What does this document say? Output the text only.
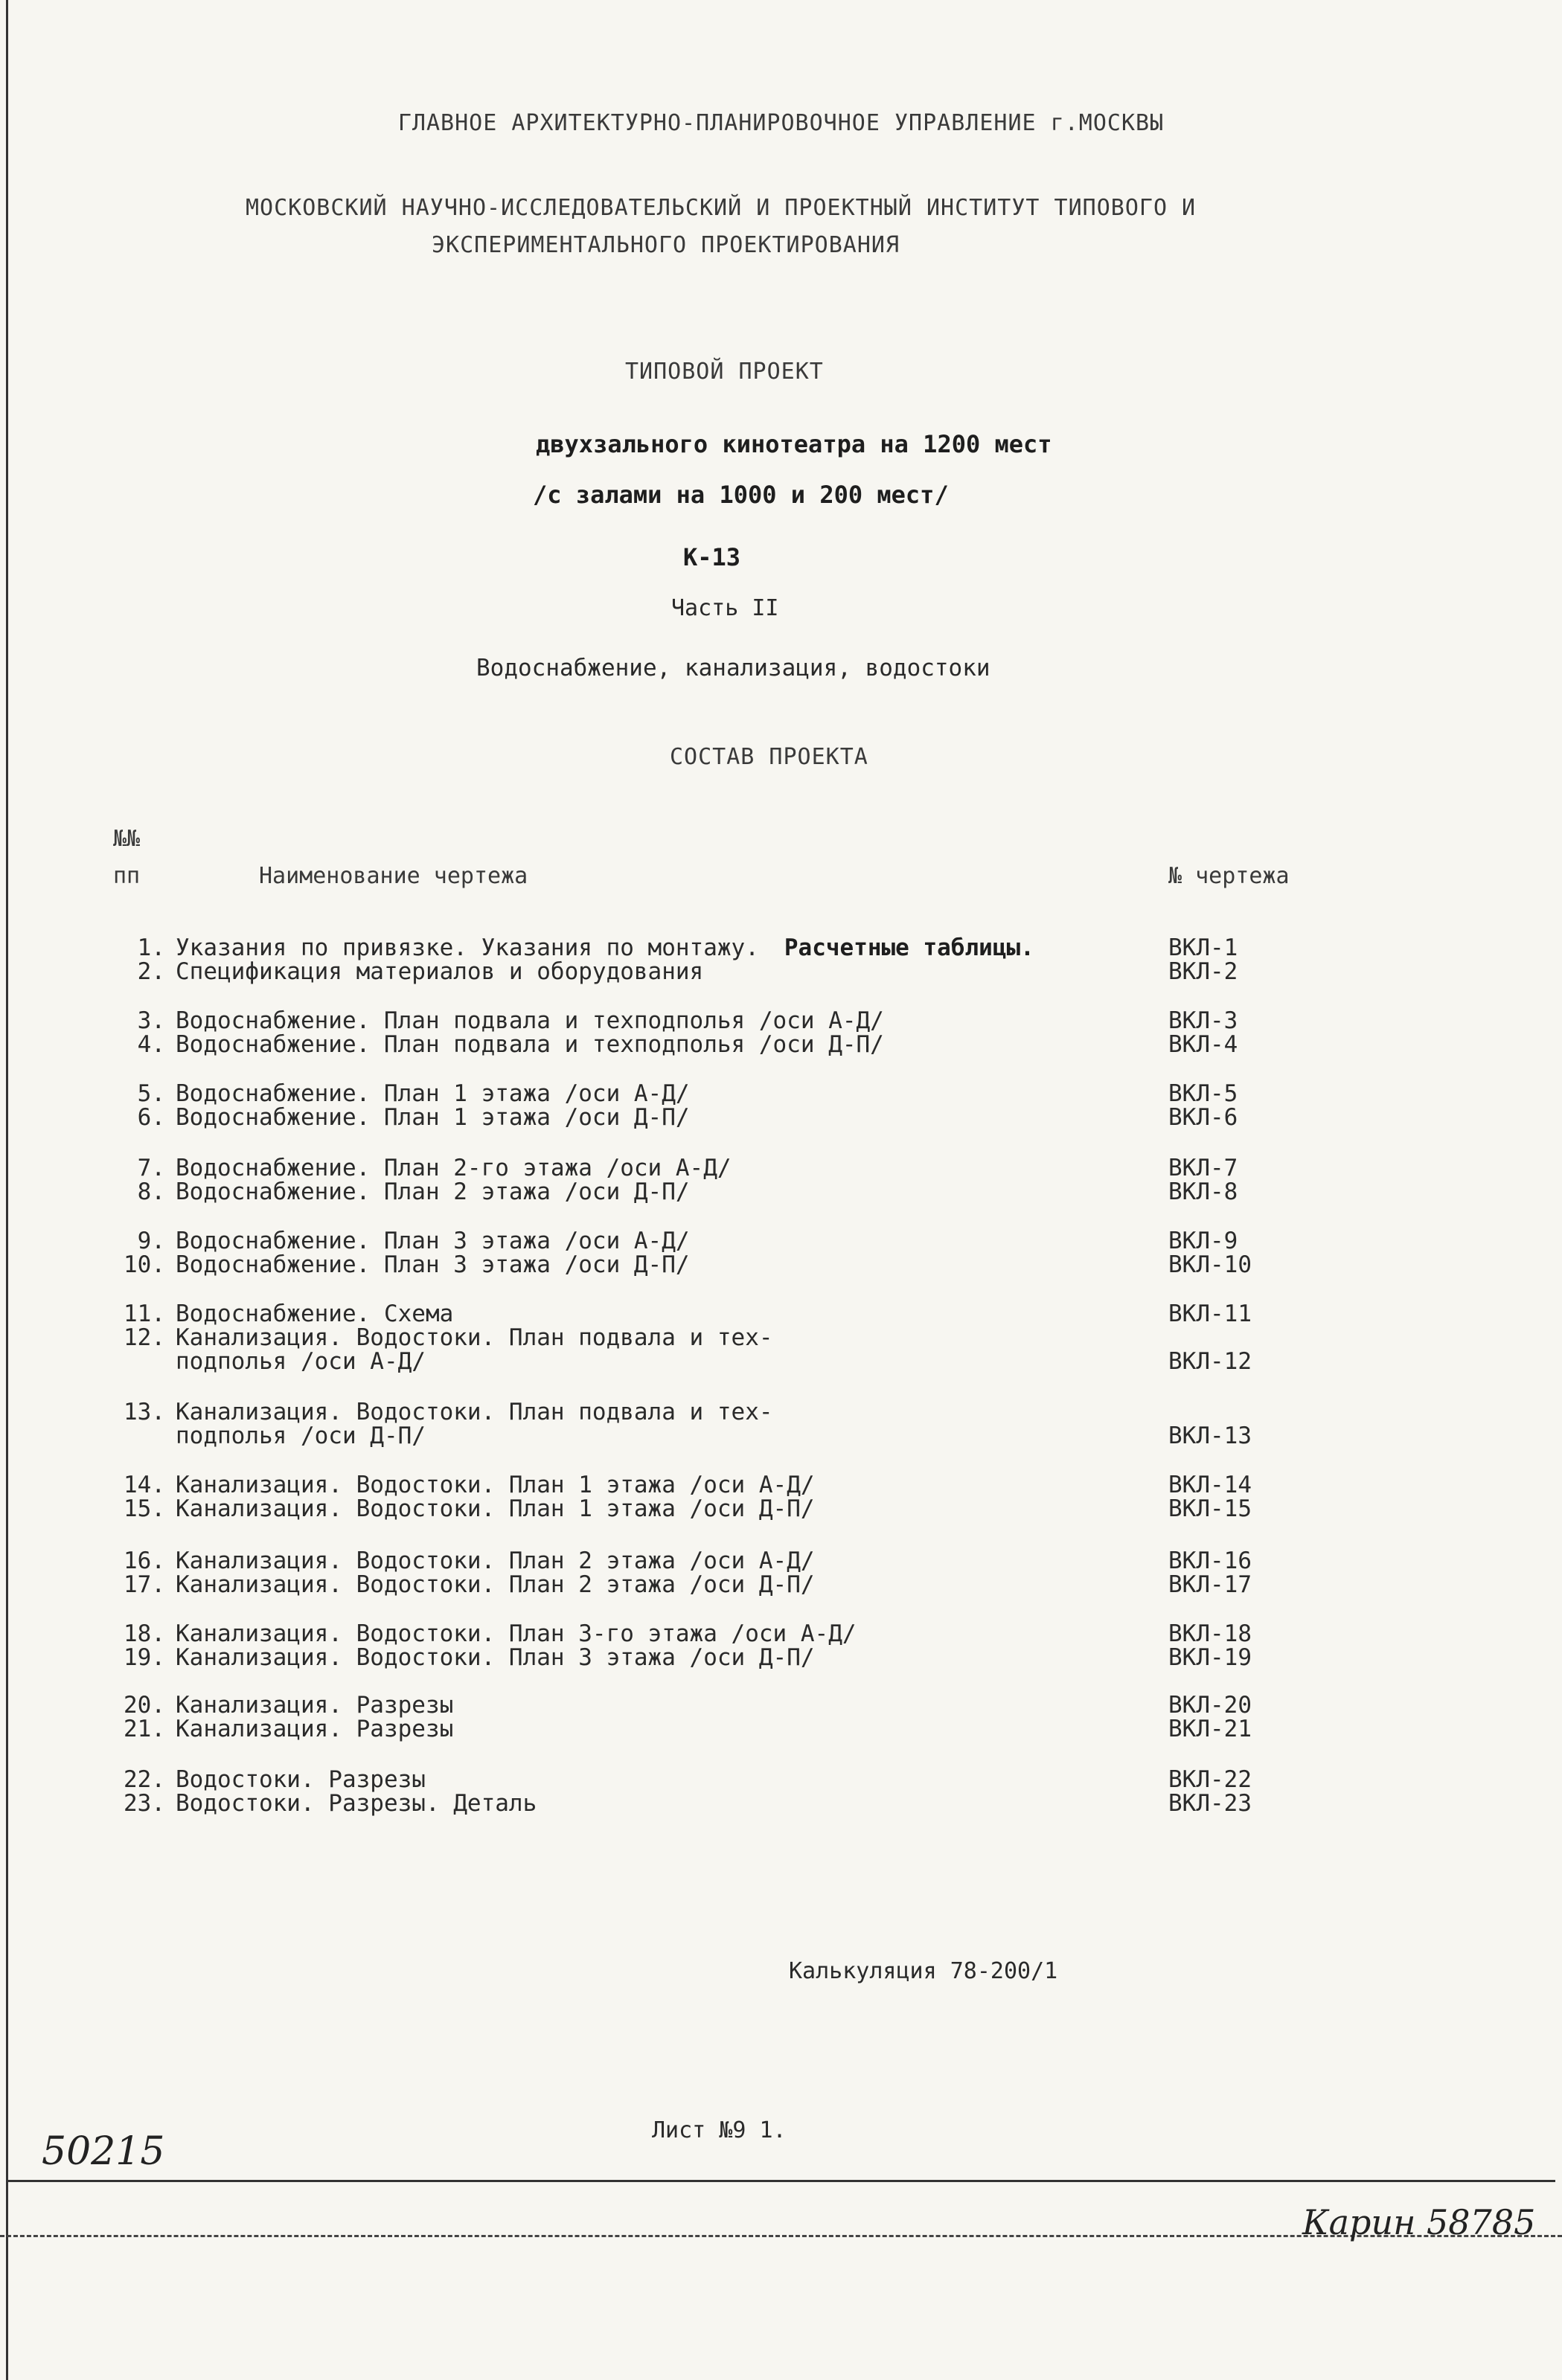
ГЛАВНОЕ АРХИТЕКТУРНО-ПЛАНИРОВОЧНОЕ УПРАВЛЕНИЕ г.МОСКВЫ
МОСКОВСКИЙ НАУЧНО-ИССЛЕДОВАТЕЛЬСКИЙ И ПРОЕКТНЫЙ ИНСТИТУТ ТИПОВОГО И
ЭКСПЕРИМЕНТАЛЬНОГО ПРОЕКТИРОВАНИЯ
ТИПОВОЙ ПРОЕКТ
двухзального кинотеатра на 1200 мест
/с залами на 1000 и 200 мест/
К-13
Часть II
Водоснабжение, канализация, водостоки
СОСТАВ ПРОЕКТА
№№
пп	Наименование чертежа	№ чертежа
1. Указания по привязке. Указания по монтажу. Расчетные таблицы.	ВКЛ-1
2. Спецификация материалов и оборудования	ВКЛ-2
3. Водоснабжение. План подвала и техподполья /оси А-Д/	ВКЛ-3
4. Водоснабжение. План подвала и техподполья /оси Д-П/	ВКЛ-4
5. Водоснабжение. План 1 этажа /оси А-Д/	ВКЛ-5
6. Водоснабжение. План 1 этажа /оси Д-П/	ВКЛ-6
7. Водоснабжение. План 2-го этажа /оси А-Д/	ВКЛ-7
8. Водоснабжение. План 2 этажа /оси Д-П/	ВКЛ-8
9. Водоснабжение. План 3 этажа /оси А-Д/	ВКЛ-9
10. Водоснабжение. План 3 этажа /оси Д-П/	ВКЛ-10
11. Водоснабжение. Схема	ВКЛ-11
12. Канализация. Водостоки. План подвала и тех-
подполья /оси А-Д/	ВКЛ-12
13. Канализация. Водостоки. План подвала и тех-
подполья /оси Д-П/	ВКЛ-13
14. Канализация. Водостоки. План 1 этажа /оси А-Д/	ВКЛ-14
15. Канализация. Водостоки. План 1 этажа /оси Д-П/	ВКЛ-15
16. Канализация. Водостоки. План 2 этажа /оси А-Д/	ВКЛ-16
17. Канализация. Водостоки. План 2 этажа /оси Д-П/	ВКЛ-17
18. Канализация. Водостоки. План 3-го этажа /оси А-Д/	ВКЛ-18
19. Канализация. Водостоки. План 3 этажа /оси Д-П/	ВКЛ-19
20. Канализация. Разрезы	ВКЛ-20
21. Канализация. Разрезы	ВКЛ-21
22. Водостоки. Разрезы	ВКЛ-22
23. Водостоки. Разрезы. Деталь	ВКЛ-23
Калькуляция 78-200/1
Лист №9 1.
50215
Карин 58785
